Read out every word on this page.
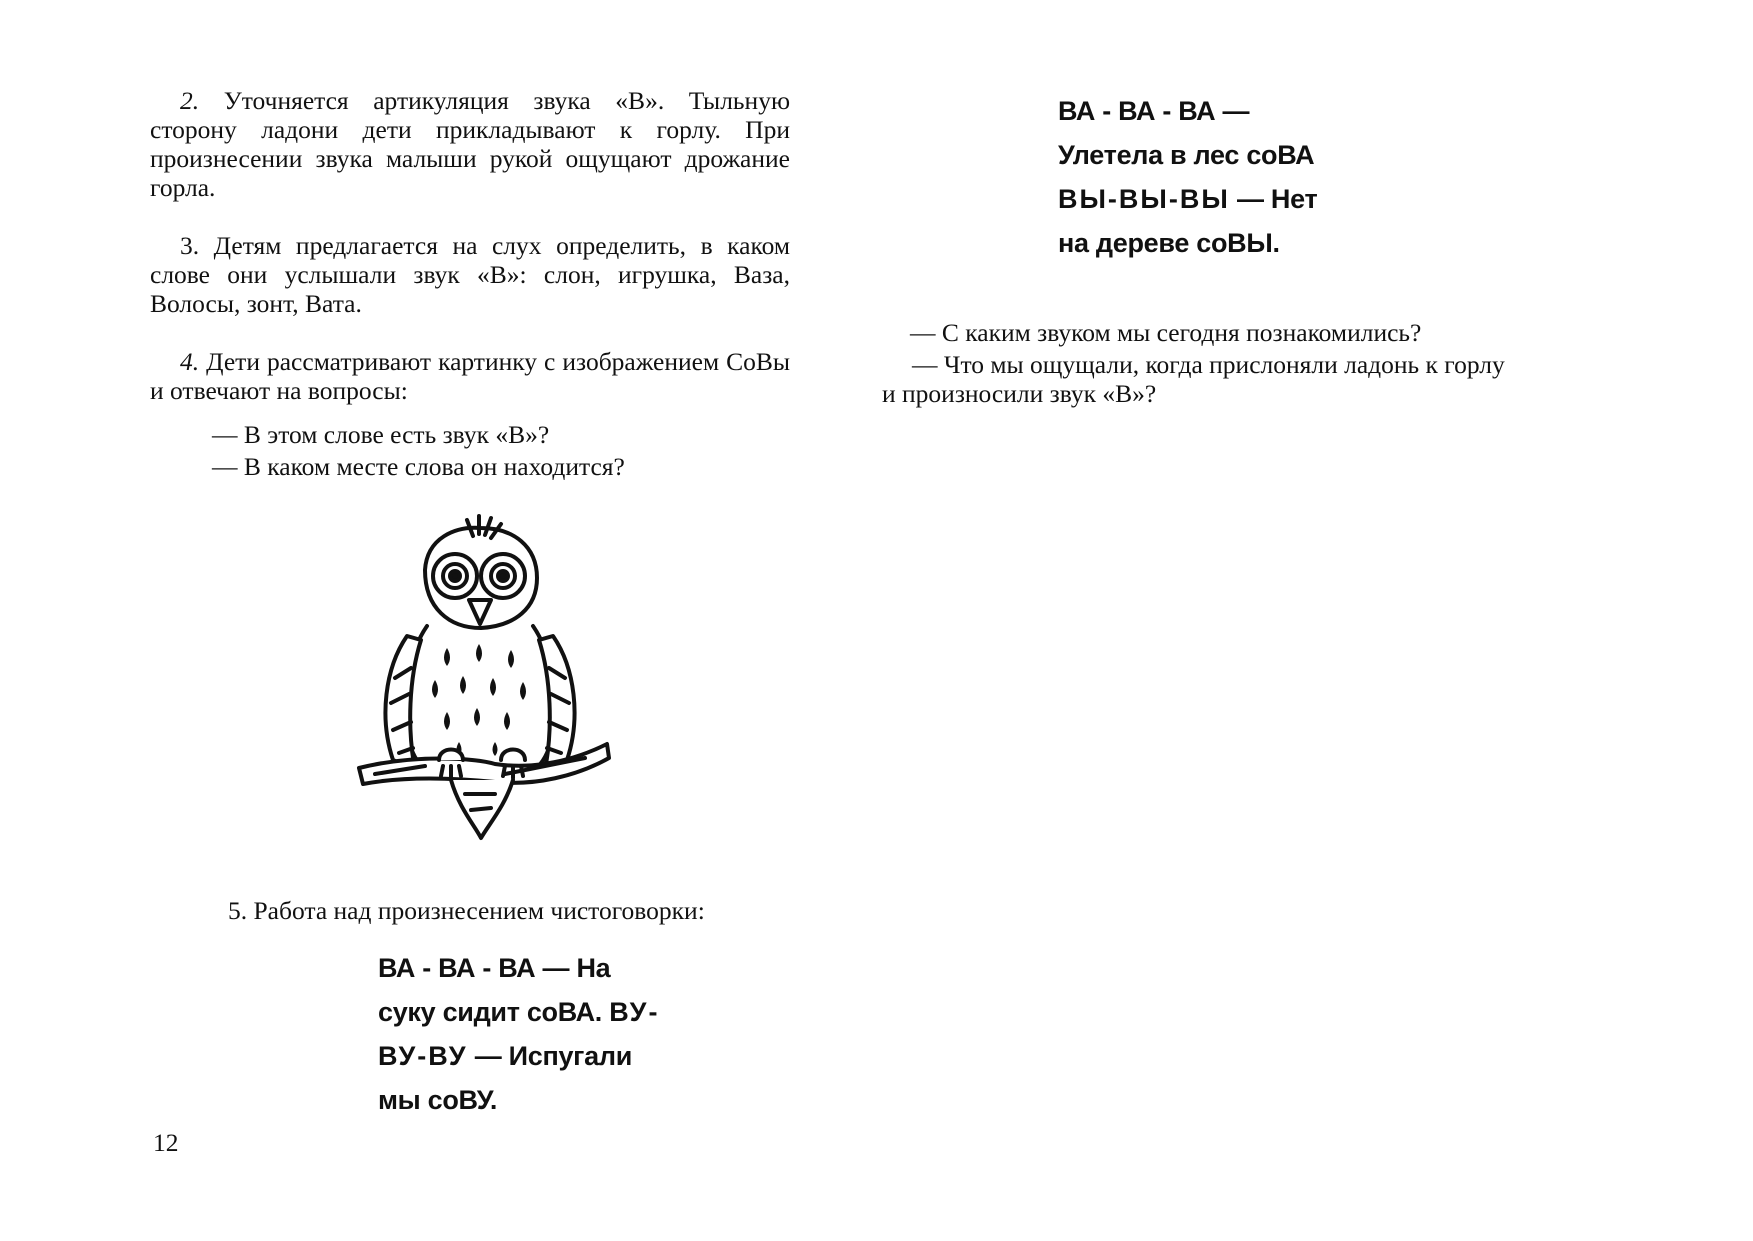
2. Уточняется артикуляция звука «В». Тыльную сторону ладони дети прикладывают к горлу. При произнесении звука малыши рукой ощущают дрожание горла.

3. Детям предлагается на слух определить, в каком слове они услышали звук «В»: слон, игрушка, Ваза, Волосы, зонт, Вата.

4. Дети рассматривают картинку с изображением СоВы и отвечают на вопросы:

— В этом слове есть звук «В»?
— В каком месте слова он находится?
5. Работа над произнесением чистоговорки:
ВА - ВА - ВА — На
суку сидит соВА. ВУ-
ВУ-ВУ — Испугали
мы соВУ.
12
ВА - ВА - ВА —
Улетела в лес соВА
ВЫ-ВЫ-ВЫ — Нет
на дереве соВЫ.
— С каким звуком мы сегодня познакомились?

— Что мы ощущали, когда прислоняли ладонь к горлу и произносили звук «В»?
